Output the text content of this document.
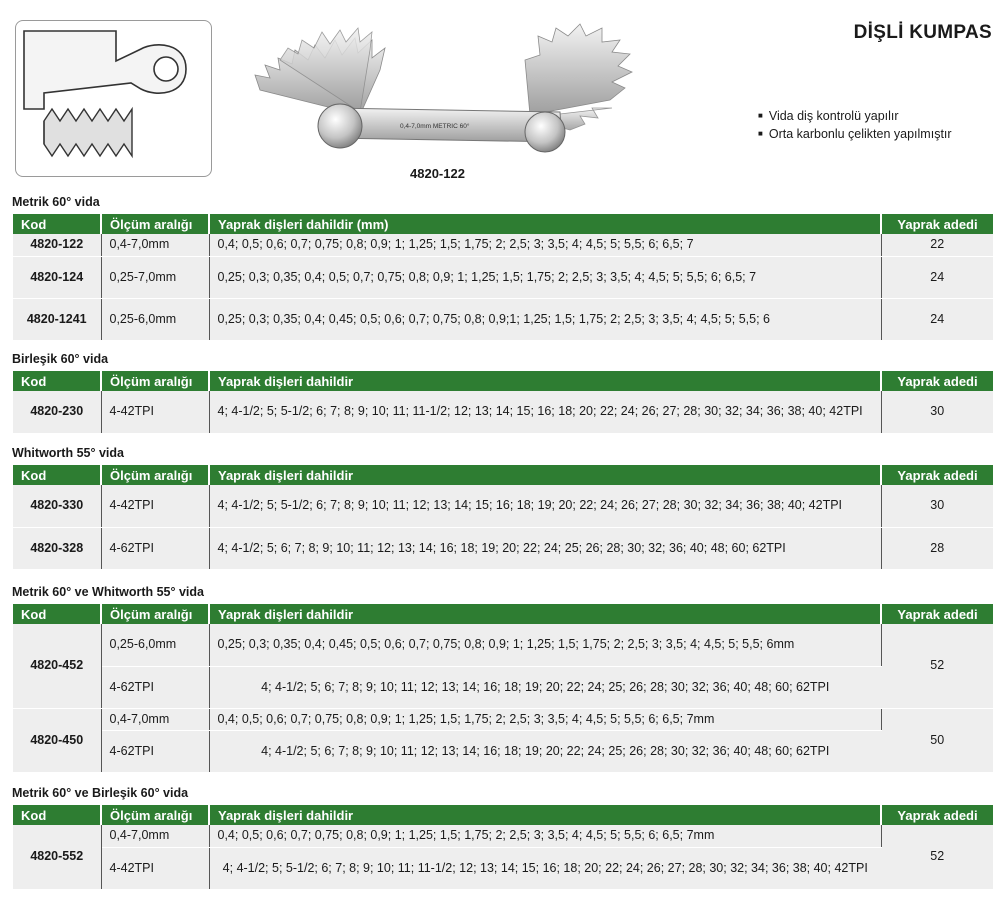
0,4-7,0mm METRIC 60°
4820-122
DİŞLİ KUMPAS
■ Vida diş kontrolü yapılır
■ Orta karbonlu çelikten yapılmıştır
Metrik 60° vida
Kod	Ölçüm aralığı	Yaprak dişleri dahildir (mm)	Yaprak adedi
4820-122	0,4-7,0mm	0,4; 0,5; 0,6; 0,7; 0,75; 0,8; 0,9; 1; 1,25; 1,5; 1,75; 2; 2,5; 3; 3,5; 4; 4,5; 5; 5,5; 6; 6,5; 7	22
4820-124	0,25-7,0mm	0,25; 0,3; 0,35; 0,4; 0,5; 0,7; 0,75; 0,8; 0,9; 1; 1,25; 1,5; 1,75; 2; 2,5; 3; 3,5; 4; 4,5; 5; 5,5; 6; 6,5; 7	24
4820-1241	0,25-6,0mm	0,25; 0,3; 0,35; 0,4; 0,45; 0,5; 0,6; 0,7; 0,75; 0,8; 0,9;1; 1,25; 1,5; 1,75; 2; 2,5; 3; 3,5; 4; 4,5; 5; 5,5; 6	24
Birleşik 60° vida
Kod	Ölçüm aralığı	Yaprak dişleri dahildir	Yaprak adedi
4820-230	4-42TPI	4; 4-1/2; 5; 5-1/2; 6; 7; 8; 9; 10; 11; 11-1/2; 12; 13; 14; 15; 16; 18; 20; 22; 24; 26; 27; 28; 30; 32; 34; 36; 38; 40; 42TPI	30
Whitworth 55° vida
Kod	Ölçüm aralığı	Yaprak dişleri dahildir	Yaprak adedi
4820-330	4-42TPI	4; 4-1/2; 5; 5-1/2; 6; 7; 8; 9; 10; 11; 12; 13; 14; 15; 16; 18; 19; 20; 22; 24; 26; 27; 28; 30; 32; 34; 36; 38; 40; 42TPI	30
4820-328	4-62TPI	4; 4-1/2; 5; 6; 7; 8; 9; 10; 11; 12; 13; 14; 16; 18; 19; 20; 22; 24; 25; 26; 28; 30; 32; 36; 40; 48; 60; 62TPI	28
Metrik 60° ve Whitworth 55° vida
Kod	Ölçüm aralığı	Yaprak dişleri dahildir	Yaprak adedi
4820-452	0,25-6,0mm	0,25; 0,3; 0,35; 0,4; 0,45; 0,5; 0,6; 0,7; 0,75; 0,8; 0,9; 1; 1,25; 1,5; 1,75; 2; 2,5; 3; 3,5; 4; 4,5; 5; 5,5; 6mm	52
	4-62TPI	4; 4-1/2; 5; 6; 7; 8; 9; 10; 11; 12; 13; 14; 16; 18; 19; 20; 22; 24; 25; 26; 28; 30; 32; 36; 40; 48; 60; 62TPI	
4820-450	0,4-7,0mm	0,4; 0,5; 0,6; 0,7; 0,75; 0,8; 0,9; 1; 1,25; 1,5; 1,75; 2; 2,5; 3; 3,5; 4; 4,5; 5; 5,5; 6; 6,5; 7mm	50
	4-62TPI	4; 4-1/2; 5; 6; 7; 8; 9; 10; 11; 12; 13; 14; 16; 18; 19; 20; 22; 24; 25; 26; 28; 30; 32; 36; 40; 48; 60; 62TPI	
Metrik 60° ve Birleşik 60° vida
Kod	Ölçüm aralığı	Yaprak dişleri dahildir	Yaprak adedi
4820-552	0,4-7,0mm	0,4; 0,5; 0,6; 0,7; 0,75; 0,8; 0,9; 1; 1,25; 1,5; 1,75; 2; 2,5; 3; 3,5; 4; 4,5; 5; 5,5; 6; 6,5; 7mm	52
	4-42TPI	4; 4-1/2; 5; 5-1/2; 6; 7; 8; 9; 10; 11; 11-1/2; 12; 13; 14; 15; 16; 18; 20; 22; 24; 26; 27; 28; 30; 32; 34; 36; 38; 40; 42TPI	
